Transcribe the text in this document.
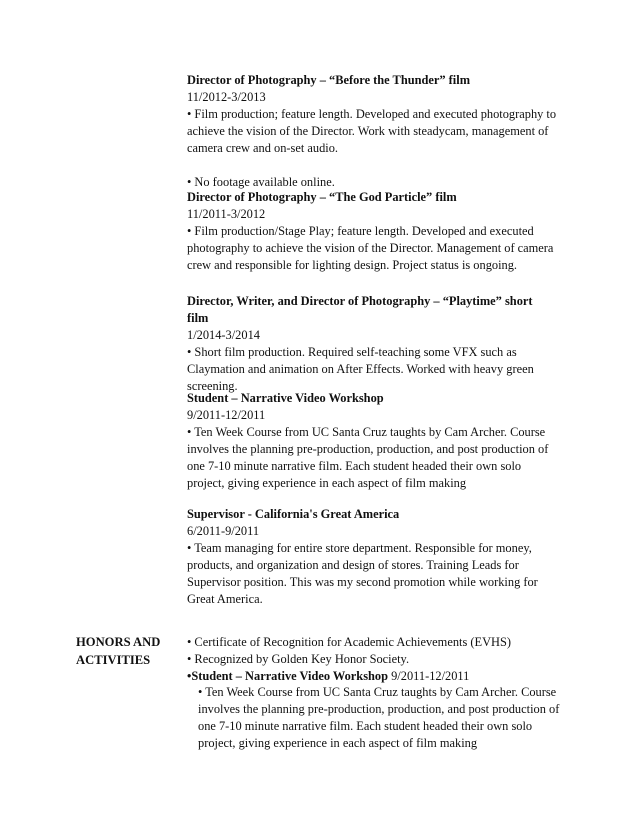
Director of Photography – “Before the Thunder” film
11/2012-3/2013
• Film production; feature length. Developed and executed photography to
achieve the vision of the Director. Work with steadycam, management of
camera crew and on-set audio.
• No footage available online.
Director of Photography – “The God Particle” film
11/2011-3/2012
• Film production/Stage Play; feature length. Developed and executed
photography to achieve the vision of the Director. Management of camera
crew and responsible for lighting design. Project status is ongoing.
Director, Writer, and Director of Photography – “Playtime” short
film
1/2014-3/2014
• Short film production. Required self-teaching some VFX such as
Claymation and animation on After Effects. Worked with heavy green
screening.
Student – Narrative Video Workshop
9/2011-12/2011
• Ten Week Course from UC Santa Cruz taughts by Cam Archer. Course
involves the planning pre-production, production, and post production of
one 7-10 minute narrative film. Each student headed their own solo
project, giving experience in each aspect of film making
Supervisor - California's Great America
6/2011-9/2011
• Team managing for entire store department. Responsible for money,
products, and organization and design of stores. Training Leads for
Supervisor position. This was my second promotion while working for
Great America.
HONORS AND
ACTIVITIES
• Certificate of Recognition for Academic Achievements (EVHS)
• Recognized by Golden Key Honor Society.
•Student – Narrative Video Workshop 9/2011-12/2011
• Ten Week Course from UC Santa Cruz taughts by Cam Archer. Course
involves the planning pre-production, production, and post production of
one 7-10 minute narrative film. Each student headed their own solo
project, giving experience in each aspect of film making
